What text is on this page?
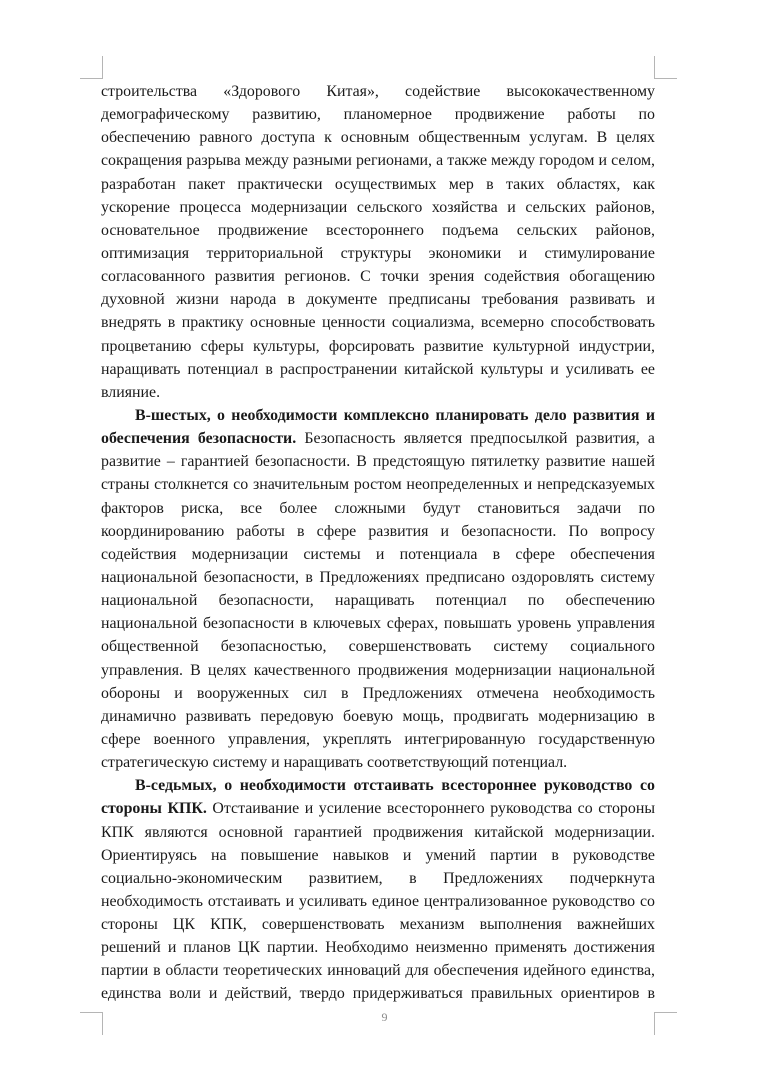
строительства «Здорового Китая», содействие высококачественному
демографическому развитию, планомерное продвижение работы по
обеспечению равного доступа к основным общественным услугам. В целях
сокращения разрыва между разными регионами, а также между городом и селом,
разработан пакет практически осуществимых мер в таких областях, как
ускорение процесса модернизации сельского хозяйства и сельских районов,
основательное продвижение всестороннего подъема сельских районов,
оптимизация территориальной структуры экономики и стимулирование
согласованного развития регионов. С точки зрения содействия обогащению
духовной жизни народа в документе предписаны требования развивать и
внедрять в практику основные ценности социализма, всемерно способствовать
процветанию сферы культуры, форсировать развитие культурной индустрии,
наращивать потенциал в распространении китайской культуры и усиливать ее
влияние.
В-шестых, о необходимости комплексно планировать дело развития и
обеспечения безопасности. Безопасность является предпосылкой развития, а
развитие – гарантией безопасности. В предстоящую пятилетку развитие нашей
страны столкнется со значительным ростом неопределенных и непредсказуемых
факторов риска, все более сложными будут становиться задачи по
координированию работы в сфере развития и безопасности. По вопросу
содействия модернизации системы и потенциала в сфере обеспечения
национальной безопасности, в Предложениях предписано оздоровлять систему
национальной безопасности, наращивать потенциал по обеспечению
национальной безопасности в ключевых сферах, повышать уровень управления
общественной безопасностью, совершенствовать систему социального
управления. В целях качественного продвижения модернизации национальной
обороны и вооруженных сил в Предложениях отмечена необходимость
динамично развивать передовую боевую мощь, продвигать модернизацию в
сфере военного управления, укреплять интегрированную государственную
стратегическую систему и наращивать соответствующий потенциал.
В-седьмых, о необходимости отстаивать всестороннее руководство со
стороны КПК. Отстаивание и усиление всестороннего руководства со стороны
КПК являются основной гарантией продвижения китайской модернизации.
Ориентируясь на повышение навыков и умений партии в руководстве
социально-экономическим развитием, в Предложениях подчеркнута
необходимость отстаивать и усиливать единое централизованное руководство со
стороны ЦК КПК, совершенствовать механизм выполнения важнейших
решений и планов ЦК партии. Необходимо неизменно применять достижения
партии в области теоретических инноваций для обеспечения идейного единства,
единства воли и действий, твердо придерживаться правильных ориентиров в
9
